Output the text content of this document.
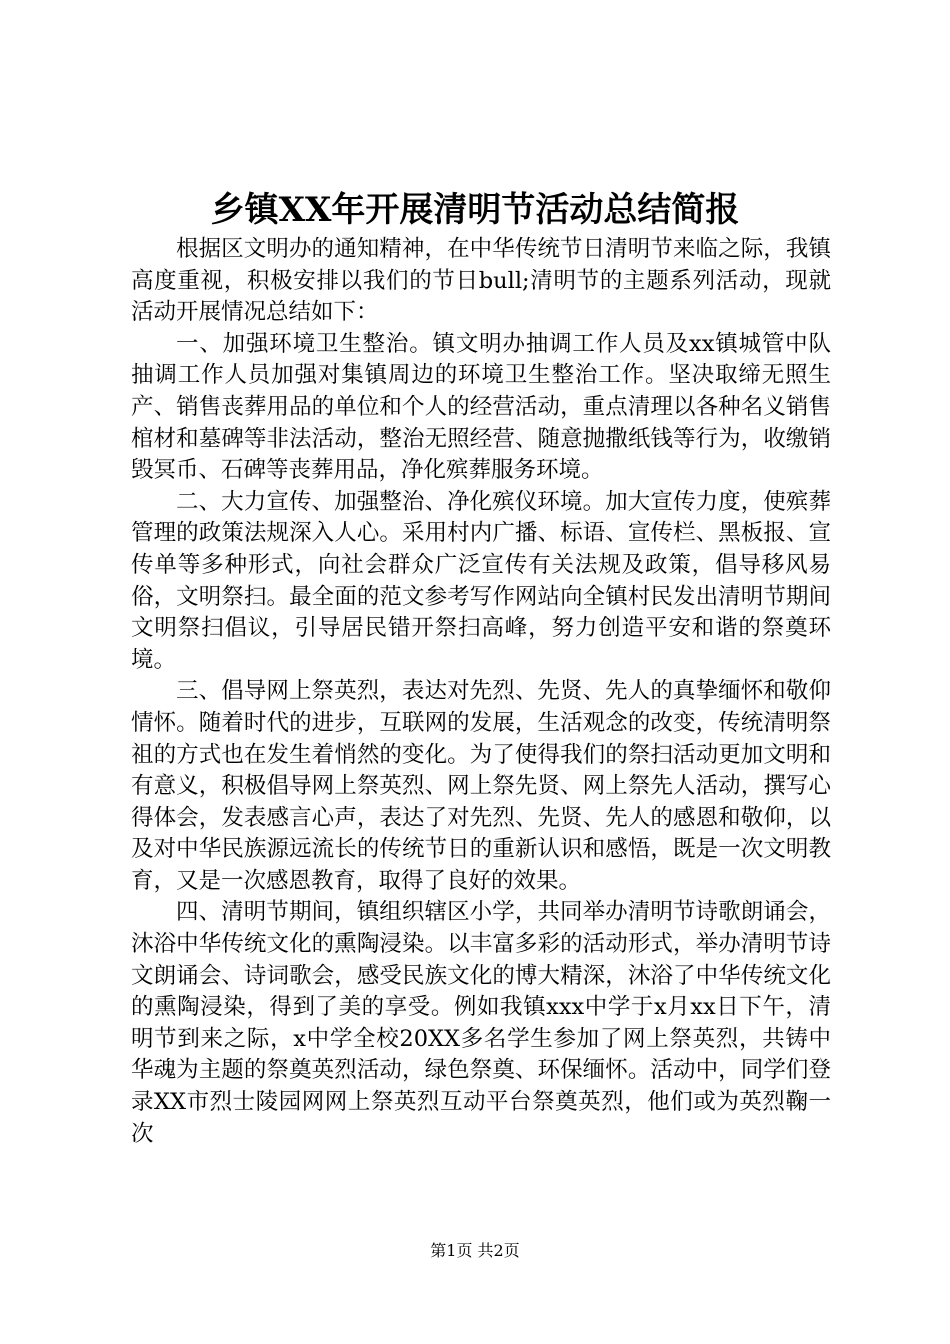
乡镇XX年开展清明节活动总结简报

根据区文明办的通知精神，在中华传统节日清明节来临之际，我镇高度重视，积极安排以我们的节日bull;清明节的主题系列活动，现就活动开展情况总结如下：

一、加强环境卫生整治。镇文明办抽调工作人员及xx镇城管中队抽调工作人员加强对集镇周边的环境卫生整治工作。坚决取缔无照生产、销售丧葬用品的单位和个人的经营活动，重点清理以各种名义销售棺材和墓碑等非法活动，整治无照经营、随意抛撒纸钱等行为，收缴销毁冥币、石碑等丧葬用品，净化殡葬服务环境。

二、大力宣传、加强整治、净化殡仪环境。加大宣传力度，使殡葬管理的政策法规深入人心。采用村内广播、标语、宣传栏、黑板报、宣传单等多种形式，向社会群众广泛宣传有关法规及政策，倡导移风易俗，文明祭扫。最全面的范文参考写作网站向全镇村民发出清明节期间文明祭扫倡议，引导居民错开祭扫高峰，努力创造平安和谐的祭奠环境。

三、倡导网上祭英烈，表达对先烈、先贤、先人的真挚缅怀和敬仰情怀。随着时代的进步，互联网的发展，生活观念的改变，传统清明祭祖的方式也在发生着悄然的变化。为了使得我们的祭扫活动更加文明和有意义，积极倡导网上祭英烈、网上祭先贤、网上祭先人活动，撰写心得体会，发表感言心声，表达了对先烈、先贤、先人的感恩和敬仰，以及对中华民族源远流长的传统节日的重新认识和感悟，既是一次文明教育，又是一次感恩教育，取得了良好的效果。

四、清明节期间，镇组织辖区小学，共同举办清明节诗歌朗诵会，沐浴中华传统文化的熏陶浸染。以丰富多彩的活动形式，举办清明节诗文朗诵会、诗词歌会，感受民族文化的博大精深，沐浴了中华传统文化的熏陶浸染，得到了美的享受。例如我镇xxx中学于x月xx日下午，清明节到来之际，x中学全校20XX多名学生参加了网上祭英烈，共铸中华魂为主题的祭奠英烈活动，绿色祭奠、环保缅怀。活动中，同学们登录XX市烈士陵园网网上祭英烈互动平台祭奠英烈，他们或为英烈鞠一次

第1页 共2页
